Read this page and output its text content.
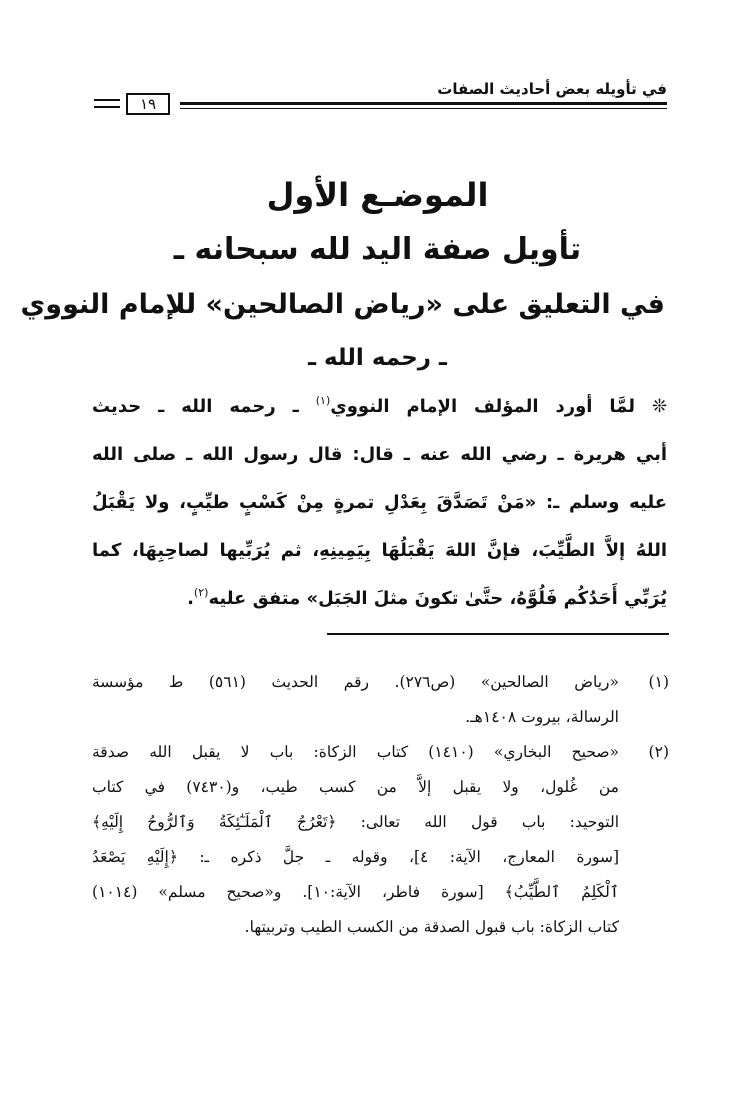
في تأويله بعض أحاديث الصفات
١٩
الموضـع الأول
تأويل صفة اليد لله سبحانه ـ
في التعليق على «رياض الصالحين» للإمام النووي
ـ رحمه الله ـ
❊ لمَّا أورد المؤلف الإمام النووي$^{(١)}$ ـ رحمه الله ـ حديث
أبي هريرة ـ رضي الله عنه ـ قال: قال رسول الله ـ صلى الله
عليه وسلم ـ: «مَنْ تَصَدَّقَ بِعَدْلِ تمرةٍ مِنْ كَسْبٍ طيِّبٍ، ولا يَقْبَلُ
اللهُ إلاَّ الطَّيِّبَ، فإنَّ اللهَ يَقْبَلُهَا بِيَمِينِهِ، ثم يُرَبِّيها لصاحِبِهَا، كما
يُرَبِّي أَحَدُكُم فَلُوَّهُ، حتَّىٰ تكونَ مثلَ الجَبَل» متفق عليه$^{(٢)}$.
(١)
«رياض الصالحين» (ص٢٧٦). رقم الحديث (٥٦١) ط مؤسسة
الرسالة، بيروت ١٤٠٨هـ.
(٢)
«صحيح البخاري» (١٤١٠) كتاب الزكاة: باب لا يقبل الله صدقة
من غُلول، ولا يقبل إلاَّ من كسب طيب، و(٧٤٣٠) في كتاب
التوحيد: باب قول الله تعالى: ﴿تَعْرُجُ ٱلْمَلَـٰٓئِكَةُ وَٱلرُّوحُ إِلَيْهِ﴾
[سورة المعارج، الآية: ٤]، وقوله ـ جلَّ ذكره ـ: ﴿إِلَيْهِ يَصْعَدُ
ٱلْكَلِمُ ٱلطَّيِّبُ﴾ [سورة فاطر، الآية:١٠]. و«صحيح مسلم» (١٠١٤)
كتاب الزكاة: باب قبول الصدقة من الكسب الطيب وتربيتها.
